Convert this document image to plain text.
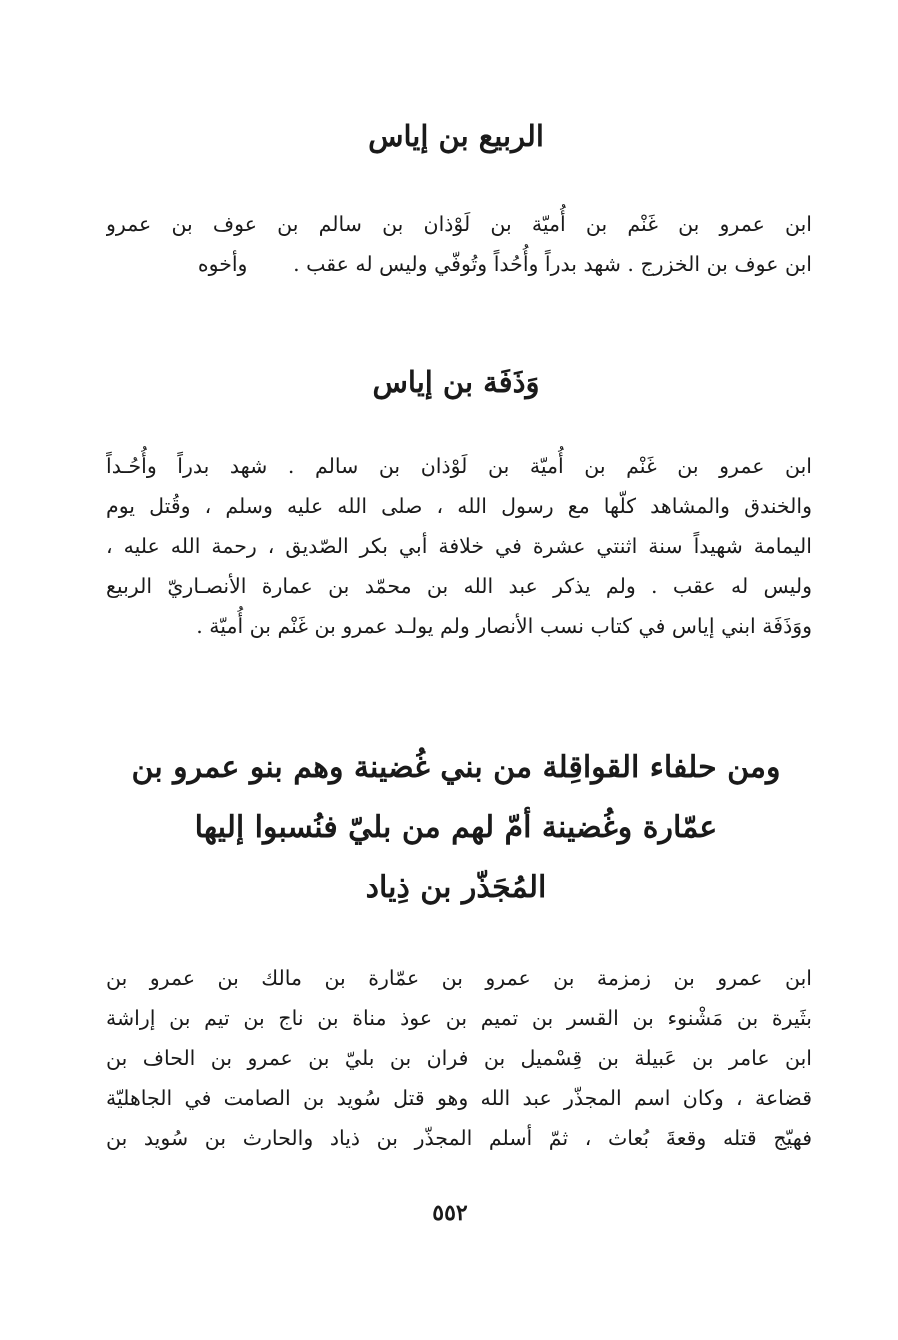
الربيع بن إياس
ابن عمرو بن غَنْم بن أُميّة بن لَوْذان بن سالم بن عوف بن عمرو
ابن عوف بن الخزرج . شهد بدراً وأُحُداً وتُوفّي وليس له عقب .       وأخوه
وَذَفَة بن إياس
ابن عمرو بن غَنْم بن أُميّة بن لَوْذان بن سالم . شهد بدراً وأُحُـداً
والخندق والمشاهد كلّها مع رسول الله ، صلى الله عليه وسلم ، وقُتل يوم
اليمامة شهيداً سنة اثنتي عشرة في خلافة أبي بكر الصّديق ، رحمة الله عليه ،
وليس له عقب . ولم يذكر عبد الله بن محمّد بن عمارة الأنصـاريّ الربيع
ووَذَفَة ابني إياس في كتاب نسب الأنصار ولم يولـد عمرو بن غَنْم بن أُميّة .
ومن حلفاء القواقِلة من بني غُضينة وهم بنو عمرو بن
عمّارة وغُضينة أمّ لهم من بليّ فنُسبوا إليها
المُجَذّر بن ذِياد
ابن عمرو بن زمزمة بن عمرو بن عمّارة بن مالك بن عمرو بن
بثَيرة بن مَشْنوء بن القسر بن تميم بن عوذ مناة بن ناج بن تيم بن إراشة
ابن عامر بن عَبيلة بن قِسْميل بن فران بن بليّ بن عمرو بن الحاف بن
قضاعة ، وكان اسم المجذّر عبد الله وهو قتل سُويد بن الصامت في الجاهليّة
فهيّج قتله وقعةَ بُعاث ، ثمّ أسلم المجذّر بن ذياد والحارث بن سُويد بن
٥٥٢
